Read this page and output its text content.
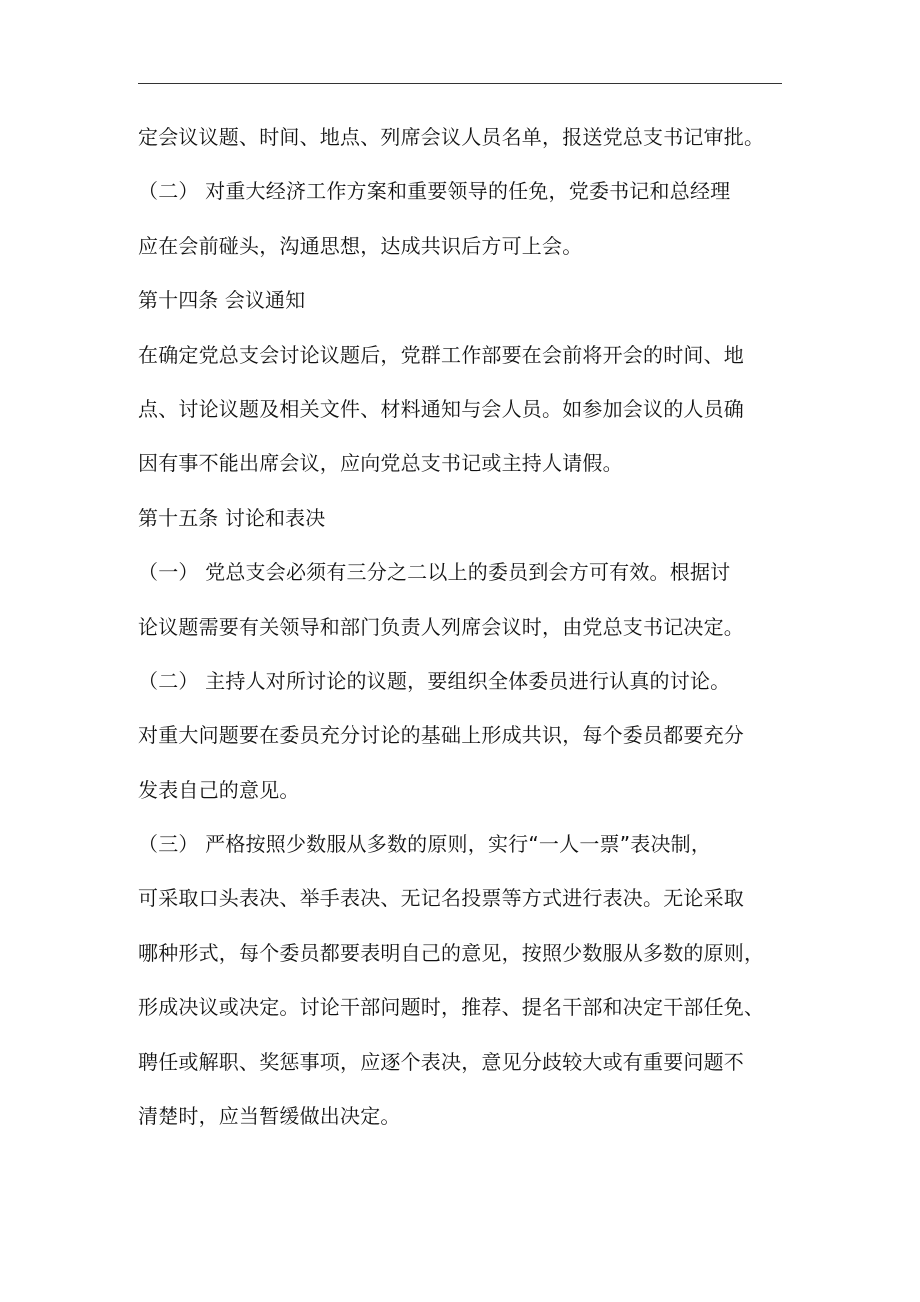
定会议议题、时间、地点、列席会议人员名单，报送党总支书记审批。
（二） 对重大经济工作方案和重要领导的任免，党委书记和总经理
应在会前碰头，沟通思想，达成共识后方可上会。
第十四条 会议通知
在确定党总支会讨论议题后，党群工作部要在会前将开会的时间、地
点、讨论议题及相关文件、材料通知与会人员。如参加会议的人员确
因有事不能出席会议，应向党总支书记或主持人请假。
第十五条 讨论和表决
（一） 党总支会必须有三分之二以上的委员到会方可有效。根据讨
论议题需要有关领导和部门负责人列席会议时，由党总支书记决定。
（二） 主持人对所讨论的议题，要组织全体委员进行认真的讨论。
对重大问题要在委员充分讨论的基础上形成共识，每个委员都要充分
发表自己的意见。
（三） 严格按照少数服从多数的原则，实行“一人一票”表决制，
可采取口头表决、举手表决、无记名投票等方式进行表决。无论采取
哪种形式，每个委员都要表明自己的意见，按照少数服从多数的原则，
形成决议或决定。讨论干部问题时，推荐、提名干部和决定干部任免、
聘任或解职、奖惩事项，应逐个表决，意见分歧较大或有重要问题不
清楚时，应当暂缓做出决定。
